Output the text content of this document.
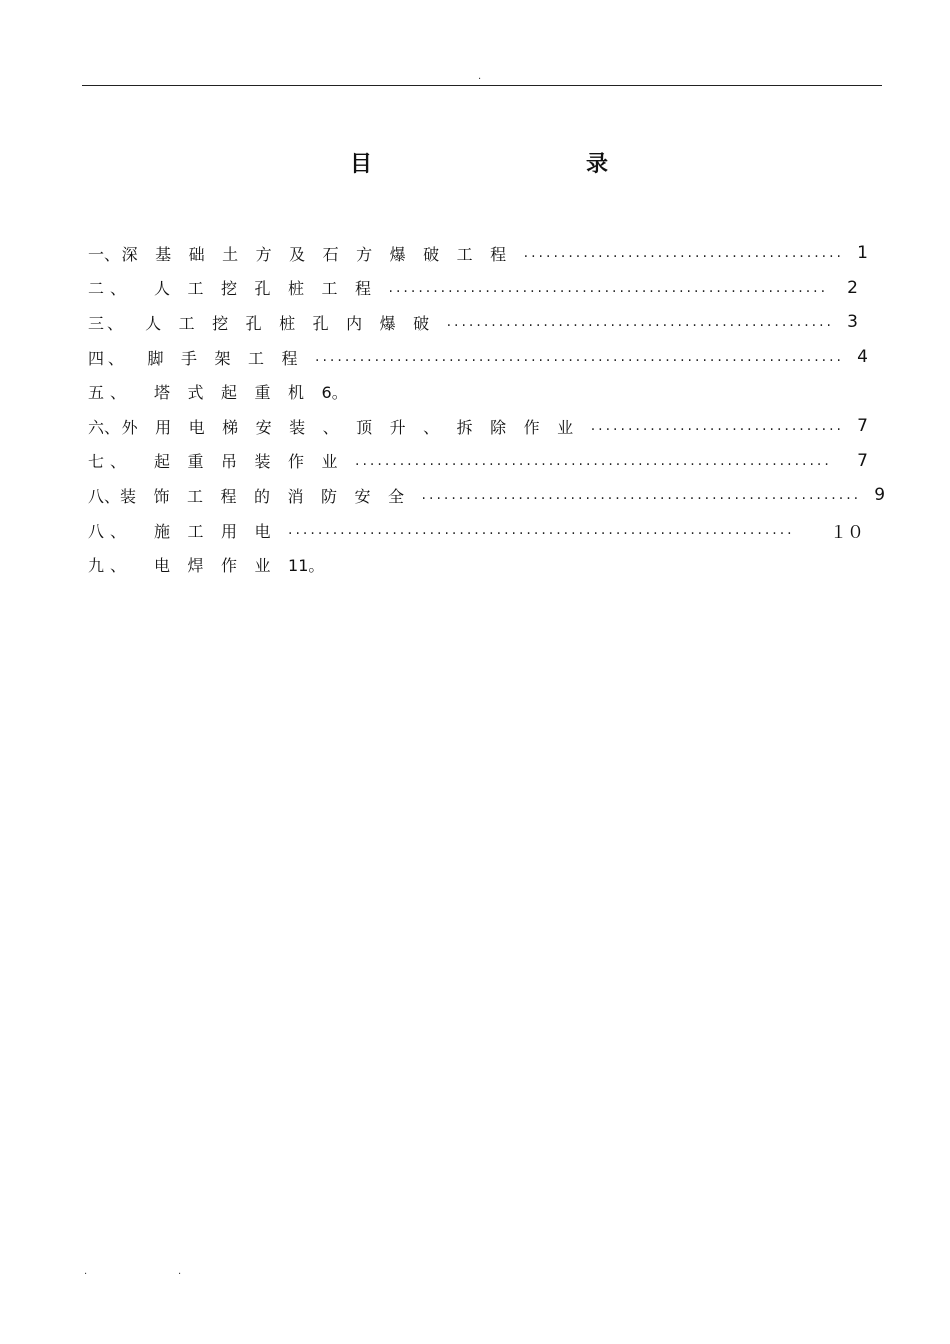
.
目	录
一 、 深基础土方及石方爆破工程 ........................................... 1
二 、	人工挖孔桩工程 ...........................................................	2
三 、	人工挖孔桩孔内爆破 .................................................... 3
四 、	脚手架工程 ....................................................................... 4
五 、	塔式起重机 6。
六 、 外用电梯安装、顶升、拆除作业 .................................. 7
七 、	起重吊装作业 ................................................................	7
八 、 装饰工程的消防安全 ........................................................... 9
八 、	施工用电 ....................................................................	１０
九 、	电焊作业 11。
.	.
